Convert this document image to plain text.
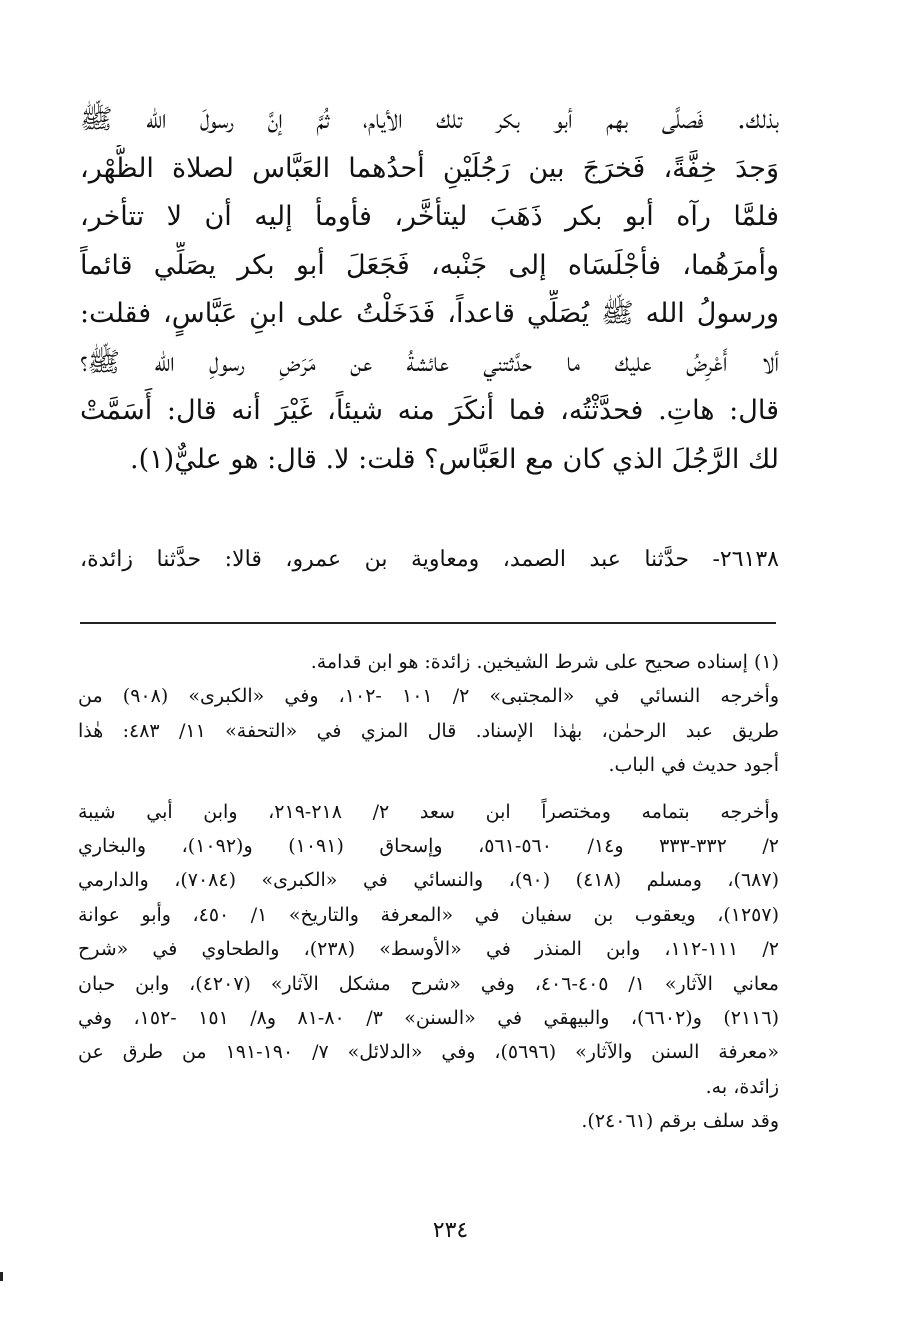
بذلك. فَصلَّى بهم أبو بكر تلك الأيام، ثُمَّ إنَّ رسولَ الله ﷺ
وَجدَ خِفَّةً، فَخرَجَ بين رَجُلَيْنِ أحدُهما العَبَّاس لصلاة الظُّهْر،
فلمَّا رآه أبو بكر ذَهَبَ ليتأخَّر، فأومأ إليه أن لا تتأخر،
وأمرَهُما، فأجْلَسَاه إلى جَنْبه، فَجَعَلَ أبو بكر يصَلِّي قائماً
ورسولُ الله ﷺ يُصَلِّي قاعداً، فَدَخَلْتُ على ابنِ عَبَّاسٍ، فقلت:
ألا أَعْرِضُ عليك ما حدَّثتني عائشةُ عن مَرَضِ رسولِ الله ﷺ؟
قال: هاتِ. فحدَّثْتُه، فما أنكَرَ منه شيئاً، غَيْرَ أنه قال: أَسَمَّتْ
لك الرَّجُلَ الذي كان مع العَبَّاس؟ قلت: لا. قال: هو عليٌّ(١).
٢٦١٣٨- حدَّثنا عبد الصمد، ومعاوية بن عمرو، قالا: حدَّثنا زائدة،
(١) إسناده صحيح على شرط الشيخين. زائدة: هو ابن قدامة.
وأخرجه النسائي في «المجتبى» ٢/ ١٠١ -١٠٢، وفي «الكبرى» (٩٠٨) من
طريق عبد الرحمٰن، بهٰذا الإسناد. قال المزي في «التحفة» ١١/ ٤٨٣: هٰذا
أجود حديث في الباب.
وأخرجه بتمامه ومختصراً ابن سعد ٢/ ٢١٨-٢١٩، وابن أبي شيبة
٢/ ٣٣٢-٣٣٣ و١٤/ ٥٦٠-٥٦١، وإسحاق (١٠٩١) و(١٠٩٢)، والبخاري
(٦٨٧)، ومسلم (٤١٨) (٩٠)، والنسائي في «الكبرى» (٧٠٨٤)، والدارمي
(١٢٥٧)، ويعقوب بن سفيان في «المعرفة والتاريخ» ١/ ٤٥٠، وأبو عوانة
٢/ ١١١-١١٢، وابن المنذر في «الأوسط» (٢٣٨)، والطحاوي في «شرح
معاني الآثار» ١/ ٤٠٥-٤٠٦، وفي «شرح مشكل الآثار» (٤٢٠٧)، وابن حبان
(٢١١٦) و(٦٦٠٢)، والبيهقي في «السنن» ٣/ ٨٠-٨١ و٨/ ١٥١ -١٥٢، وفي
«معرفة السنن والآثار» (٥٦٩٦)، وفي «الدلائل» ٧/ ١٩٠-١٩١ من طرق عن
زائدة، به.
وقد سلف برقم (٢٤٠٦١).
٢٣٤
